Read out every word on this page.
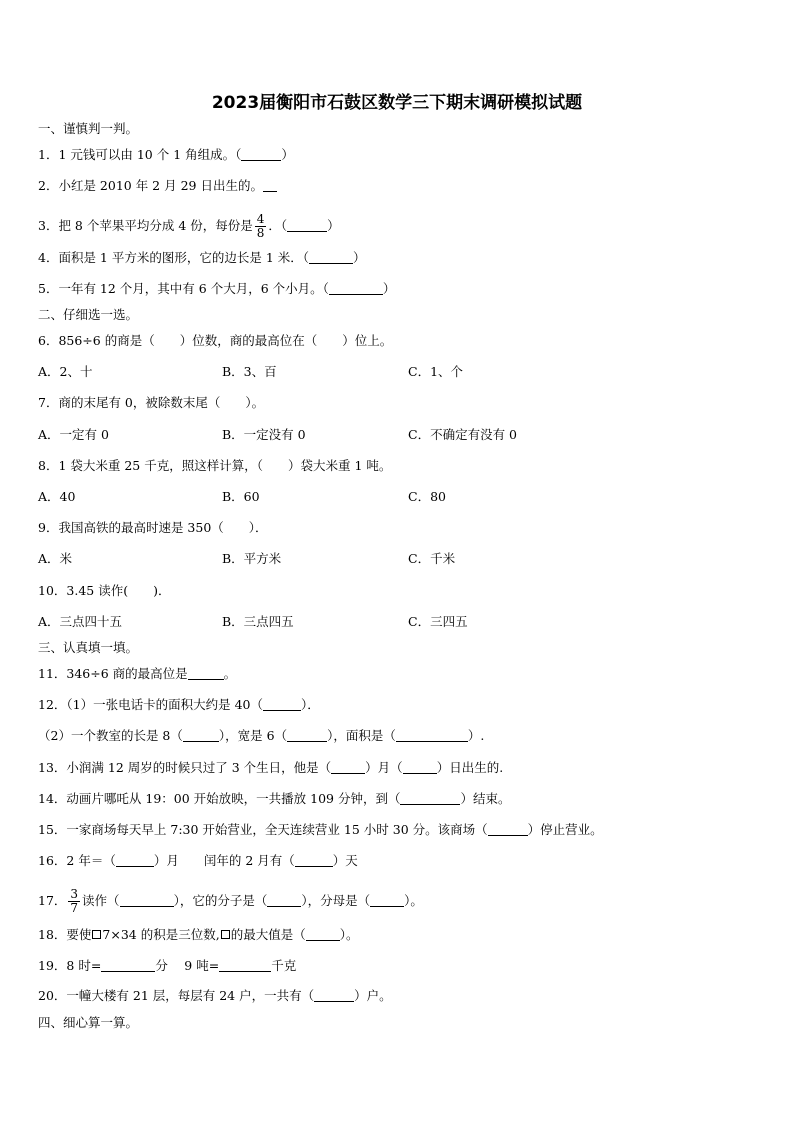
2023届衡阳市石鼓区数学三下期末调研模拟试题
一、谨慎判一判。
1．1 元钱可以由 10 个 1 角组成。（	）
2．小红是 2010 年 2 月 29 日出生的。
3．把 8 个苹果平均分成 4 份，每份是 $\frac{4}{8}$ ．（	）
4．面积是 1 平方米的图形，它的边长是 1 米．（	）
5．一年有 12 个月，其中有 6 个大月，6 个小月。（	）
二、仔细选一选。
6．856÷6 的商是（　　）位数，商的最高位在（　　）位上。
A．2、十	B．3、百	C．1、个
7．商的末尾有 0，被除数末尾（　　）。
A．一定有 0	B．一定没有 0	C．不确定有没有 0
8．1 袋大米重 25 千克，照这样计算，（　　）袋大米重 1 吨。
A．40	B．60	C．80
9．我国高铁的最高时速是 350（　　）．
A．米	B．平方米	C．千米
10．3.45 读作(　　)．
A．三点四十五	B．三点四五	C．三四五
三、认真填一填。
11．346÷6 商的最高位是	。
12．（1）一张电话卡的面积大约是 40（	）．
（2）一个教室的长是 8（	），宽是 6（	），面积是（	）.
13．小润满 12 周岁的时候只过了 3 个生日，他是（	）月（	）日出生的.
14．动画片哪吒从 19：00 开始放映，一共播放 109 分钟，到（	）结束。
15．一家商场每天早上 7:30 开始营业，全天连续营业 15 小时 30 分。该商场（	）停止营业。
16．2 年＝（	）月　　闰年的 2 月有（	）天
17． $\frac{3}{7}$ 读作（	），它的分子是（	），分母是（	）。
18．要使 7×34 的积是三位数, 的最大值是（	）。
19．8 时=	分　 9 吨=	千克
20．一幢大楼有 21 层，每层有 24 户，一共有（	）户。
四、细心算一算。
